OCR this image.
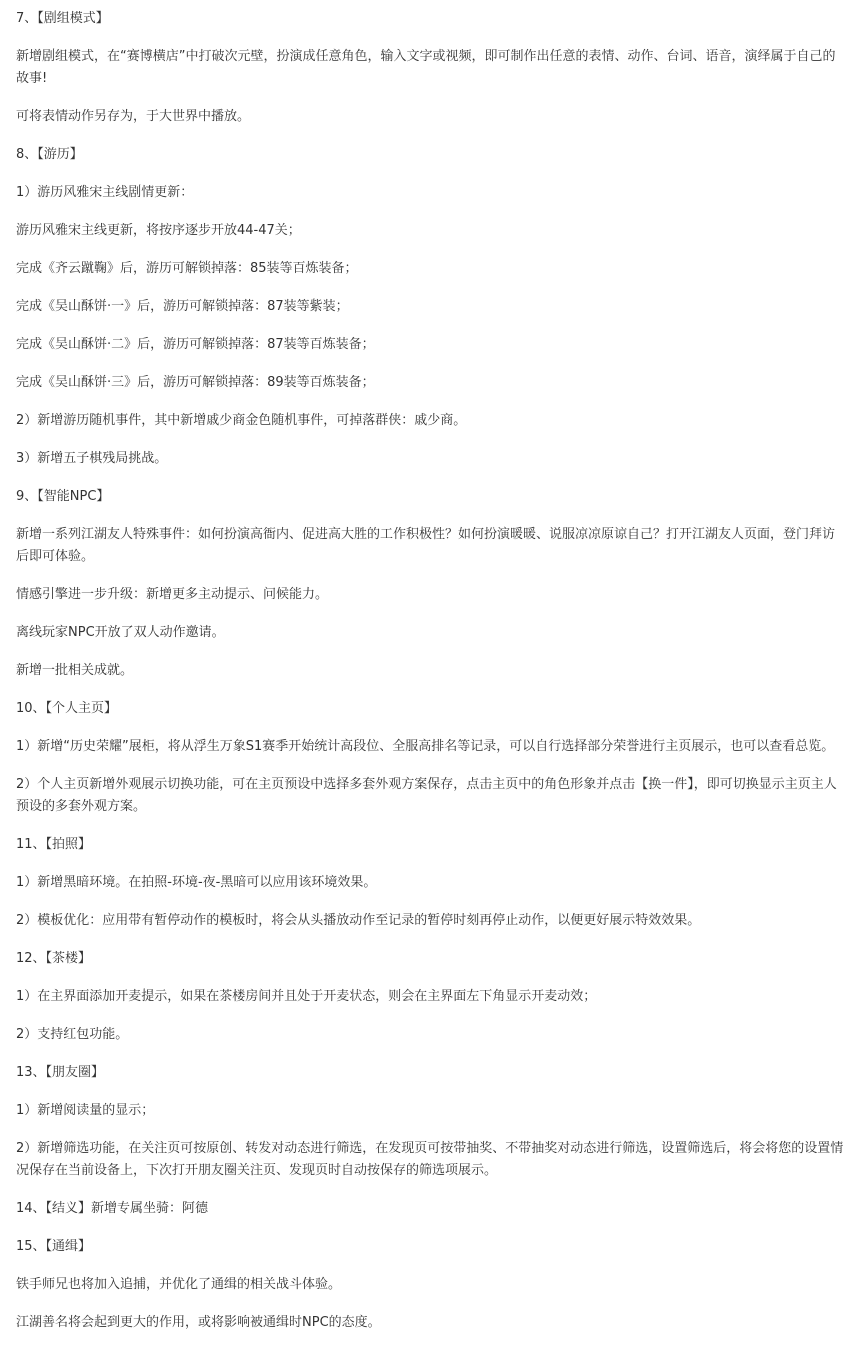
7、【剧组模式】

新增剧组模式，在“赛博横店”中打破次元壁，扮演成任意角色，输入文字或视频，即可制作出任意的表情、动作、台词、语音，演绎属于自己的故事!

可将表情动作另存为，于大世界中播放。

8、【游历】

1）游历风雅宋主线剧情更新：

游历风雅宋主线更新，将按序逐步开放44-47关；

完成《齐云蹴鞠》后，游历可解锁掉落：85装等百炼装备；

完成《吴山酥饼·一》后，游历可解锁掉落：87装等紫装；

完成《吴山酥饼·二》后，游历可解锁掉落：87装等百炼装备；

完成《吴山酥饼·三》后，游历可解锁掉落：89装等百炼装备；

2）新增游历随机事件，其中新增戚少商金色随机事件，可掉落群侠：戚少商。

3）新增五子棋残局挑战。

9、【智能NPC】

新增一系列江湖友人特殊事件：如何扮演高衙内、促进高大胜的工作积极性？如何扮演暖暖、说服凉凉原谅自己？打开江湖友人页面，登门拜访后即可体验。

情感引擎进一步升级：新增更多主动提示、问候能力。

离线玩家NPC开放了双人动作邀请。

新增一批相关成就。

10、【个人主页】

1）新增“历史荣耀”展柜，将从浮生万象S1赛季开始统计高段位、全服高排名等记录，可以自行选择部分荣誉进行主页展示，也可以查看总览。

2）个人主页新增外观展示切换功能，可在主页预设中选择多套外观方案保存，点击主页中的角色形象并点击【换一件】，即可切换显示主页主人预设的多套外观方案。

11、【拍照】

1）新增黑暗环境。在拍照-环境-夜-黑暗可以应用该环境效果。

2）模板优化：应用带有暂停动作的模板时，将会从头播放动作至记录的暂停时刻再停止动作，以便更好展示特效效果。

12、【茶楼】

1）在主界面添加开麦提示，如果在茶楼房间并且处于开麦状态，则会在主界面左下角显示开麦动效；

2）支持红包功能。

13、【朋友圈】

1）新增阅读量的显示；

2）新增筛选功能，在关注页可按原创、转发对动态进行筛选，在发现页可按带抽奖、不带抽奖对动态进行筛选，设置筛选后，将会将您的设置情况保存在当前设备上，下次打开朋友圈关注页、发现页时自动按保存的筛选项展示。

14、【结义】新增专属坐骑：阿德

15、【通缉】

铁手师兄也将加入追捕，并优化了通缉的相关战斗体验。

江湖善名将会起到更大的作用，或将影响被通缉时NPC的态度。
